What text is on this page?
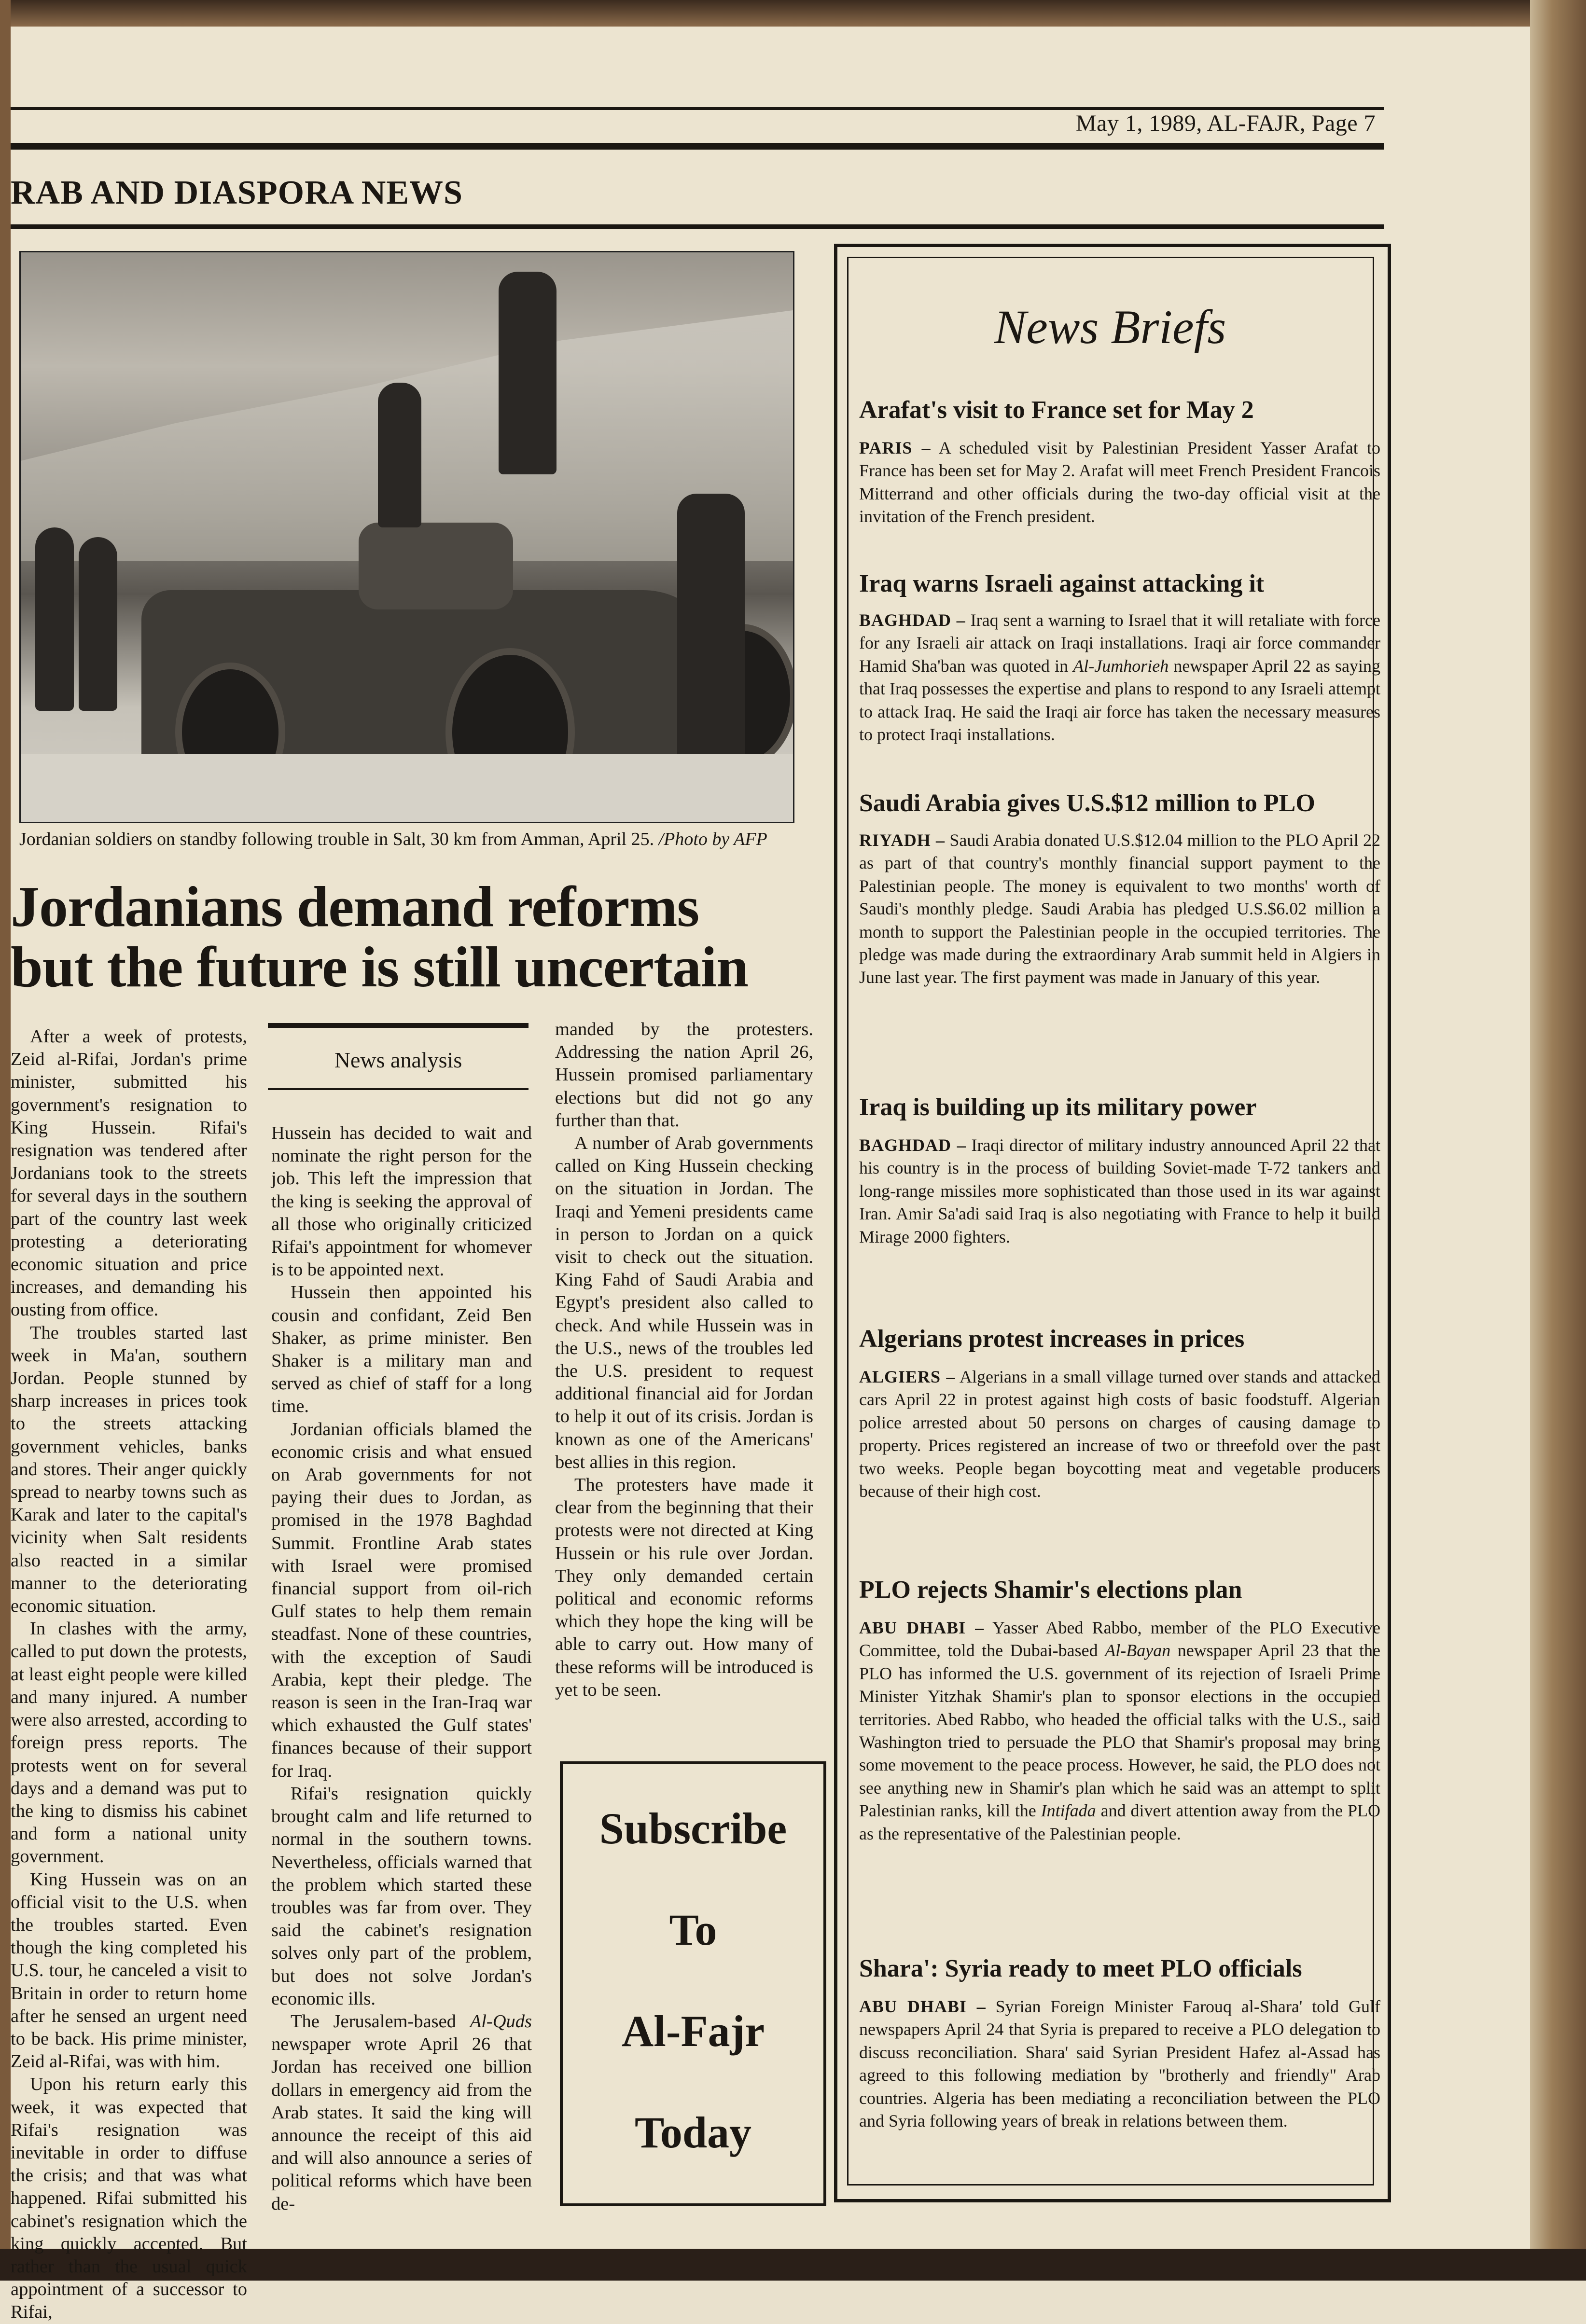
May 1, 1989, AL-FAJR, Page 7
RAB AND DIASPORA NEWS
Jordanian soldiers on standby following trouble in Salt, 30 km from Amman, April 25. /Photo by AFP
Jordanians demand reforms
but the future is still uncertain

After a week of protests, Zeid al-Rifai, Jordan's prime minister, submitted his government's resignation to King Hussein. Rifai's resignation was tendered after Jordanians took to the streets for several days in the southern part of the country last week protesting a deteriorating economic situation and price increases, and demanding his ousting from office.

The troubles started last week in Ma'an, southern Jordan. People stunned by sharp increases in prices took to the streets attacking government vehicles, banks and stores. Their anger quickly spread to nearby towns such as Karak and later to the capital's vicinity when Salt residents also reacted in a similar manner to the deteriorating economic situation.

In clashes with the army, called to put down the protests, at least eight people were killed and many injured. A number were also arrested, according to foreign press reports. The protests went on for several days and a demand was put to the king to dismiss his cabinet and form a national unity government.

King Hussein was on an official visit to the U.S. when the troubles started. Even though the king completed his U.S. tour, he canceled a visit to Britain in order to return home after he sensed an urgent need to be back. His prime minister, Zeid al-Rifai, was with him.

Upon his return early this week, it was expected that Rifai's resignation was inevitable in order to diffuse the crisis; and that was what happened. Rifai submitted his cabinet's resignation which the king quickly accepted. But rather than the usual quick appointment of a successor to Rifai,

News analysis

Hussein has decided to wait and nominate the right person for the job. This left the impression that the king is seeking the approval of all those who originally criticized Rifai's appointment for whomever is to be appointed next.

Hussein then appointed his cousin and confidant, Zeid Ben Shaker, as prime minister. Ben Shaker is a military man and served as chief of staff for a long time.

Jordanian officials blamed the economic crisis and what ensued on Arab governments for not paying their dues to Jordan, as promised in the 1978 Baghdad Summit. Frontline Arab states with Israel were promised financial support from oil-rich Gulf states to help them remain steadfast. None of these countries, with the exception of Saudi Arabia, kept their pledge. The reason is seen in the Iran-Iraq war which exhausted the Gulf states' finances because of their support for Iraq.

Rifai's resignation quickly brought calm and life returned to normal in the southern towns. Nevertheless, officials warned that the problem which started these troubles was far from over. They said the cabinet's resignation solves only part of the problem, but does not solve Jordan's economic ills.

The Jerusalem-based Al-Quds newspaper wrote April 26 that Jordan has received one billion dollars in emergency aid from the Arab states. It said the king will announce the receipt of this aid and will also announce a series of political reforms which have been de-

manded by the protesters. Addressing the nation April 26, Hussein promised parliamentary elections but did not go any further than that.

A number of Arab governments called on King Hussein checking on the situation in Jordan. The Iraqi and Yemeni presidents came in person to Jordan on a quick visit to check out the situation. King Fahd of Saudi Arabia and Egypt's president also called to check. And while Hussein was in the U.S., news of the troubles led the U.S. president to request additional financial aid for Jordan to help it out of its crisis. Jordan is known as one of the Americans' best allies in this region.

The protesters have made it clear from the beginning that their protests were not directed at King Hussein or his rule over Jordan. They only demanded certain political and economic reforms which they hope the king will be able to carry out. How many of these reforms will be introduced is yet to be seen.

Subscribe
To
Al-Fajr
Today
News Briefs
Arafat's visit to France set for May 2

PARIS – A scheduled visit by Palestinian President Yasser Arafat to France has been set for May 2. Arafat will meet French President Francois Mitterrand and other officials during the two-day official visit at the invitation of the French president.

Iraq warns Israeli against attacking it

BAGHDAD – Iraq sent a warning to Israel that it will retaliate with force for any Israeli air attack on Iraqi installations. Iraqi air force commander Hamid Sha'ban was quoted in Al-Jumhorieh newspaper April 22 as saying that Iraq possesses the expertise and plans to respond to any Israeli attempt to attack Iraq. He said the Iraqi air force has taken the necessary measures to protect Iraqi installations.

Saudi Arabia gives U.S.$12 million to PLO

RIYADH – Saudi Arabia donated U.S.$12.04 million to the PLO April 22 as part of that country's monthly financial support payment to the Palestinian people. The money is equivalent to two months' worth of Saudi's monthly pledge. Saudi Arabia has pledged U.S.$6.02 million a month to support the Palestinian people in the occupied territories. The pledge was made during the extraordinary Arab summit held in Algiers in June last year. The first payment was made in January of this year.

Iraq is building up its military power

BAGHDAD – Iraqi director of military industry announced April 22 that his country is in the process of building Soviet-made T-72 tankers and long-range missiles more sophisticated than those used in its war against Iran. Amir Sa'adi said Iraq is also negotiating with France to help it build Mirage 2000 fighters.

Algerians protest increases in prices

ALGIERS – Algerians in a small village turned over stands and attacked cars April 22 in protest against high costs of basic foodstuff. Algerian police arrested about 50 persons on charges of causing damage to property. Prices registered an increase of two or threefold over the past two weeks. People began boycotting meat and vegetable producers because of their high cost.

PLO rejects Shamir's elections plan

ABU DHABI – Yasser Abed Rabbo, member of the PLO Executive Committee, told the Dubai-based Al-Bayan newspaper April 23 that the PLO has informed the U.S. government of its rejection of Israeli Prime Minister Yitzhak Shamir's plan to sponsor elections in the occupied territories. Abed Rabbo, who headed the official talks with the U.S., said Washington tried to persuade the PLO that Shamir's proposal may bring some movement to the peace process. However, he said, the PLO does not see anything new in Shamir's plan which he said was an attempt to split Palestinian ranks, kill the Intifada and divert attention away from the PLO as the representative of the Palestinian people.

Shara': Syria ready to meet PLO officials

ABU DHABI – Syrian Foreign Minister Farouq al-Shara' told Gulf newspapers April 24 that Syria is prepared to receive a PLO delegation to discuss reconciliation. Shara' said Syrian President Hafez al-Assad has agreed to this following mediation by "brotherly and friendly" Arab countries. Algeria has been mediating a reconciliation between the PLO and Syria following years of break in relations between them.
